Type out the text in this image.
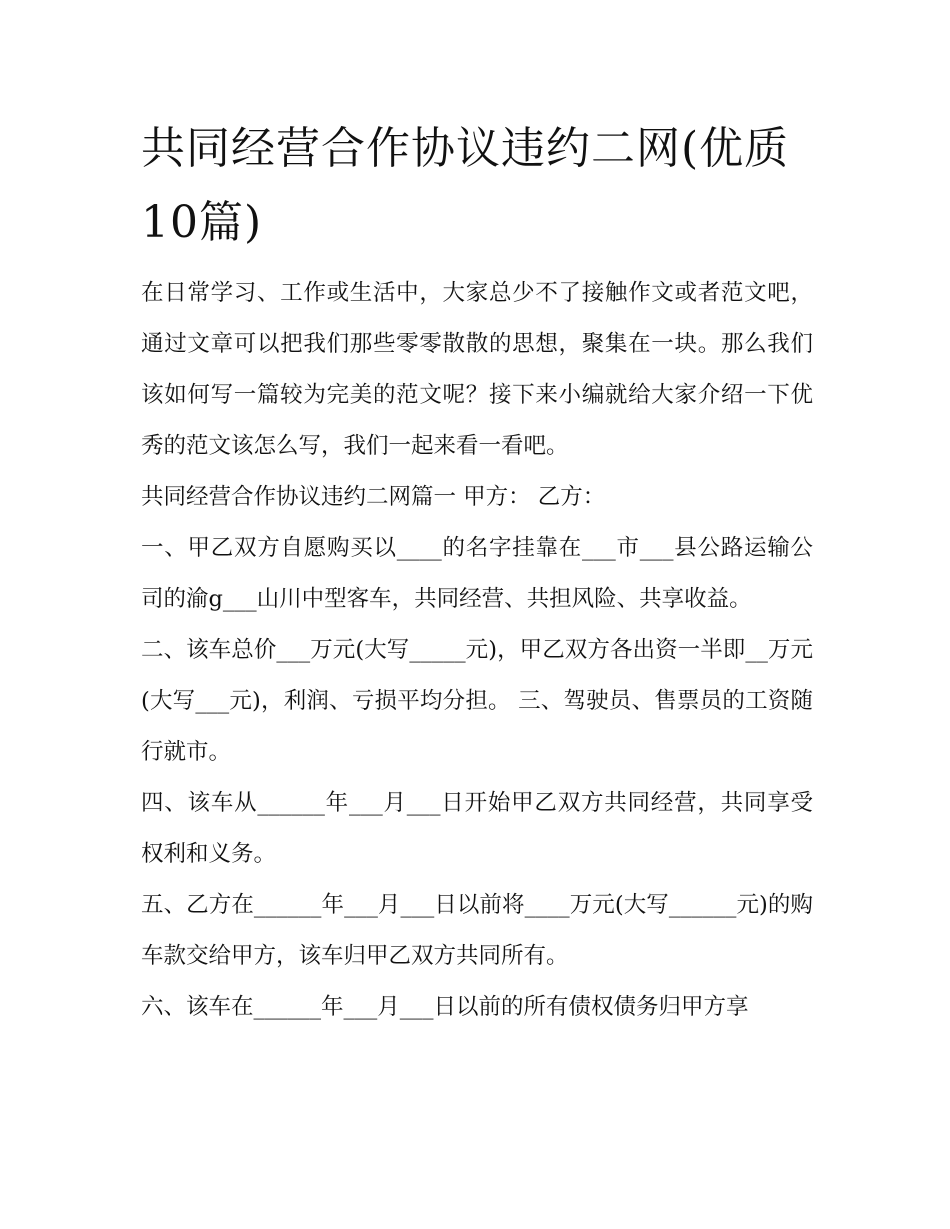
共同经营合作协议违约二网(优质10篇)

在日常学习、工作或生活中，大家总少不了接触作文或者范文吧，通过文章可以把我们那些零零散散的思想，聚集在一块。那么我们该如何写一篇较为完美的范文呢？接下来小编就给大家介绍一下优秀的范文该怎么写，我们一起来看一看吧。

共同经营合作协议违约二网篇一 甲方： 乙方：

一、甲乙双方自愿购买以____的名字挂靠在___市___县公路运输公司的渝g___山川中型客车，共同经营、共担风险、共享收益。

二、该车总价___万元(大写_____元)，甲乙双方各出资一半即__万元(大写___元)，利润、亏损平均分担。 三、驾驶员、售票员的工资随行就市。

四、该车从______年___月___日开始甲乙双方共同经营，共同享受权利和义务。

五、乙方在______年___月___日以前将____万元(大写______元)的购车款交给甲方，该车归甲乙双方共同所有。

六、该车在______年___月___日以前的所有债权债务归甲方享
